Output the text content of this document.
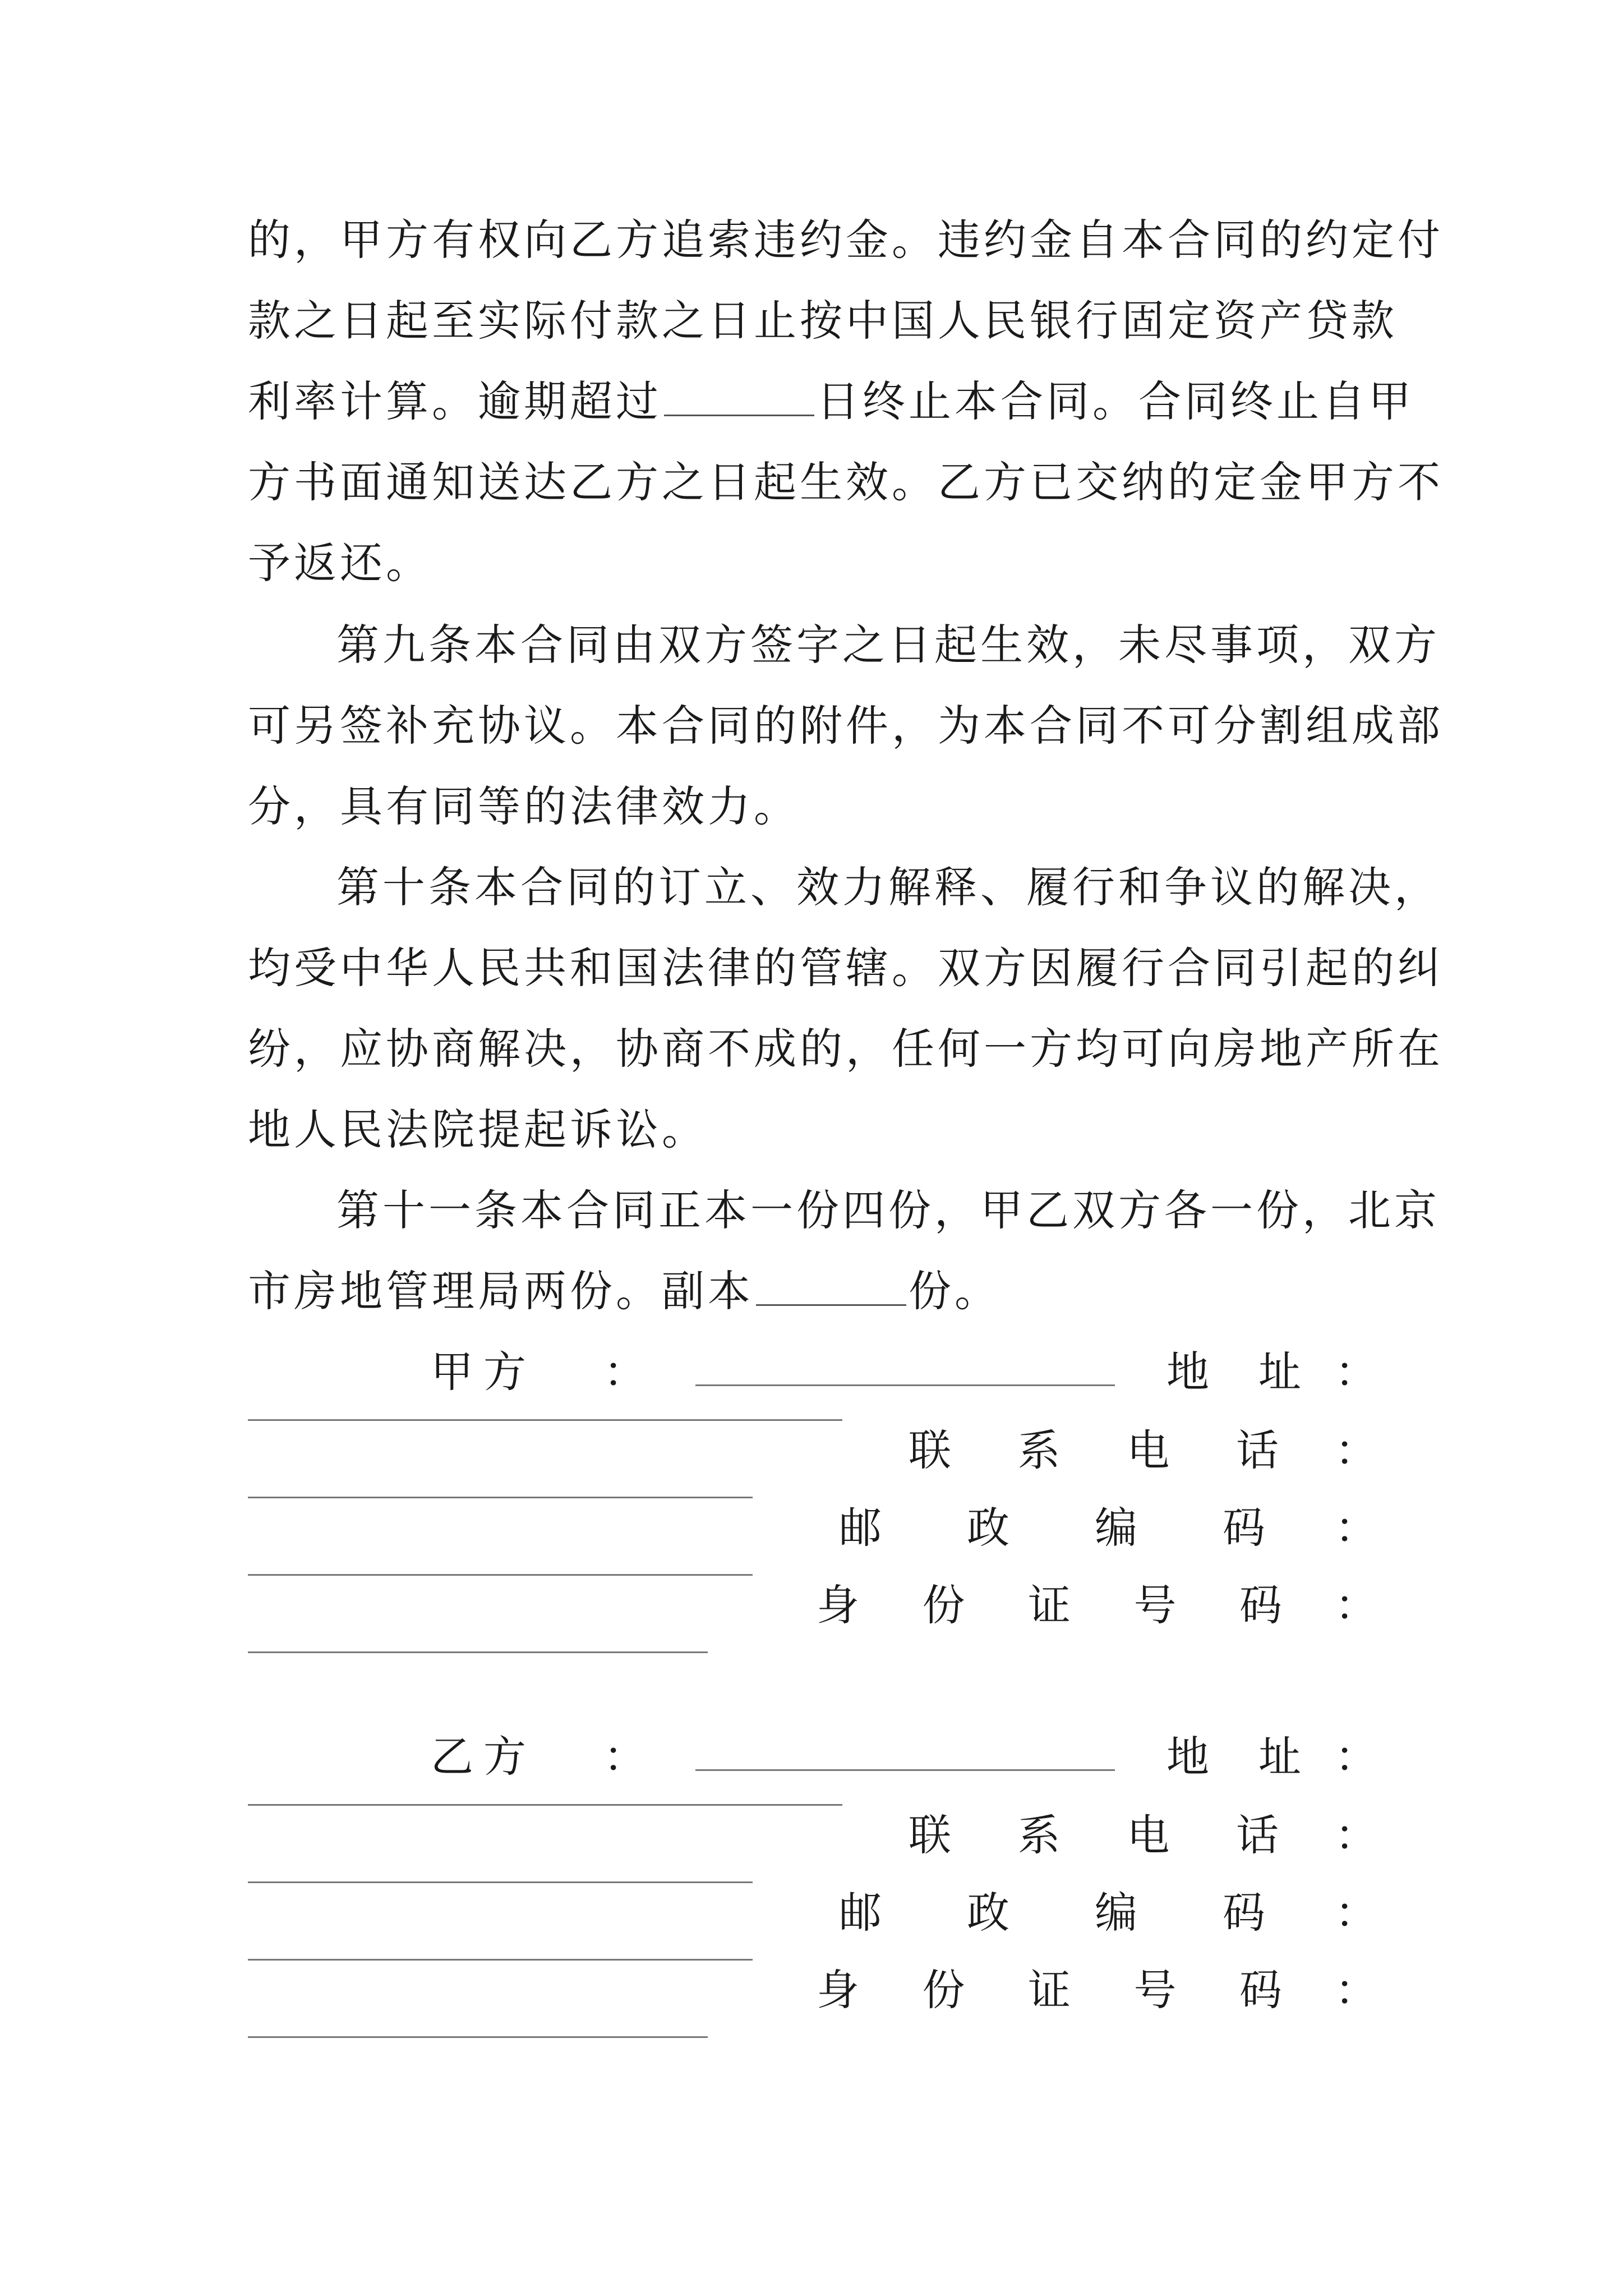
的，甲方有权向乙方追索违约金。违约金自本合同的约定付
款之日起至实际付款之日止按中国人民银行固定资产贷款
利率计算。逾期超过	日终止本合同。合同终止自甲
方书面通知送达乙方之日起生效。乙方已交纳的定金甲方不
予返还。
第九条本合同由双方签字之日起生效，未尽事项，双方
可另签补充协议。本合同的附件，为本合同不可分割组成部
分，具有同等的法律效力。
第十条本合同的订立、效力解释、履行和争议的解决，
均受中华人民共和国法律的管辖。双方因履行合同引起的纠
纷，应协商解决，协商不成的，任何一方均可向房地产所在
地人民法院提起诉讼。
第十一条本合同正本一份四份，甲乙双方各一份，北京
市房地管理局两份。副本	份。
甲 方 ：	地 址 ：
联 系 电 话 ：
邮 政 编 码 ：
身 份 证 号 码 ：
乙 方 ：	地 址 ：
联 系 电 话 ：
邮 政 编 码 ：
身 份 证 号 码 ：
